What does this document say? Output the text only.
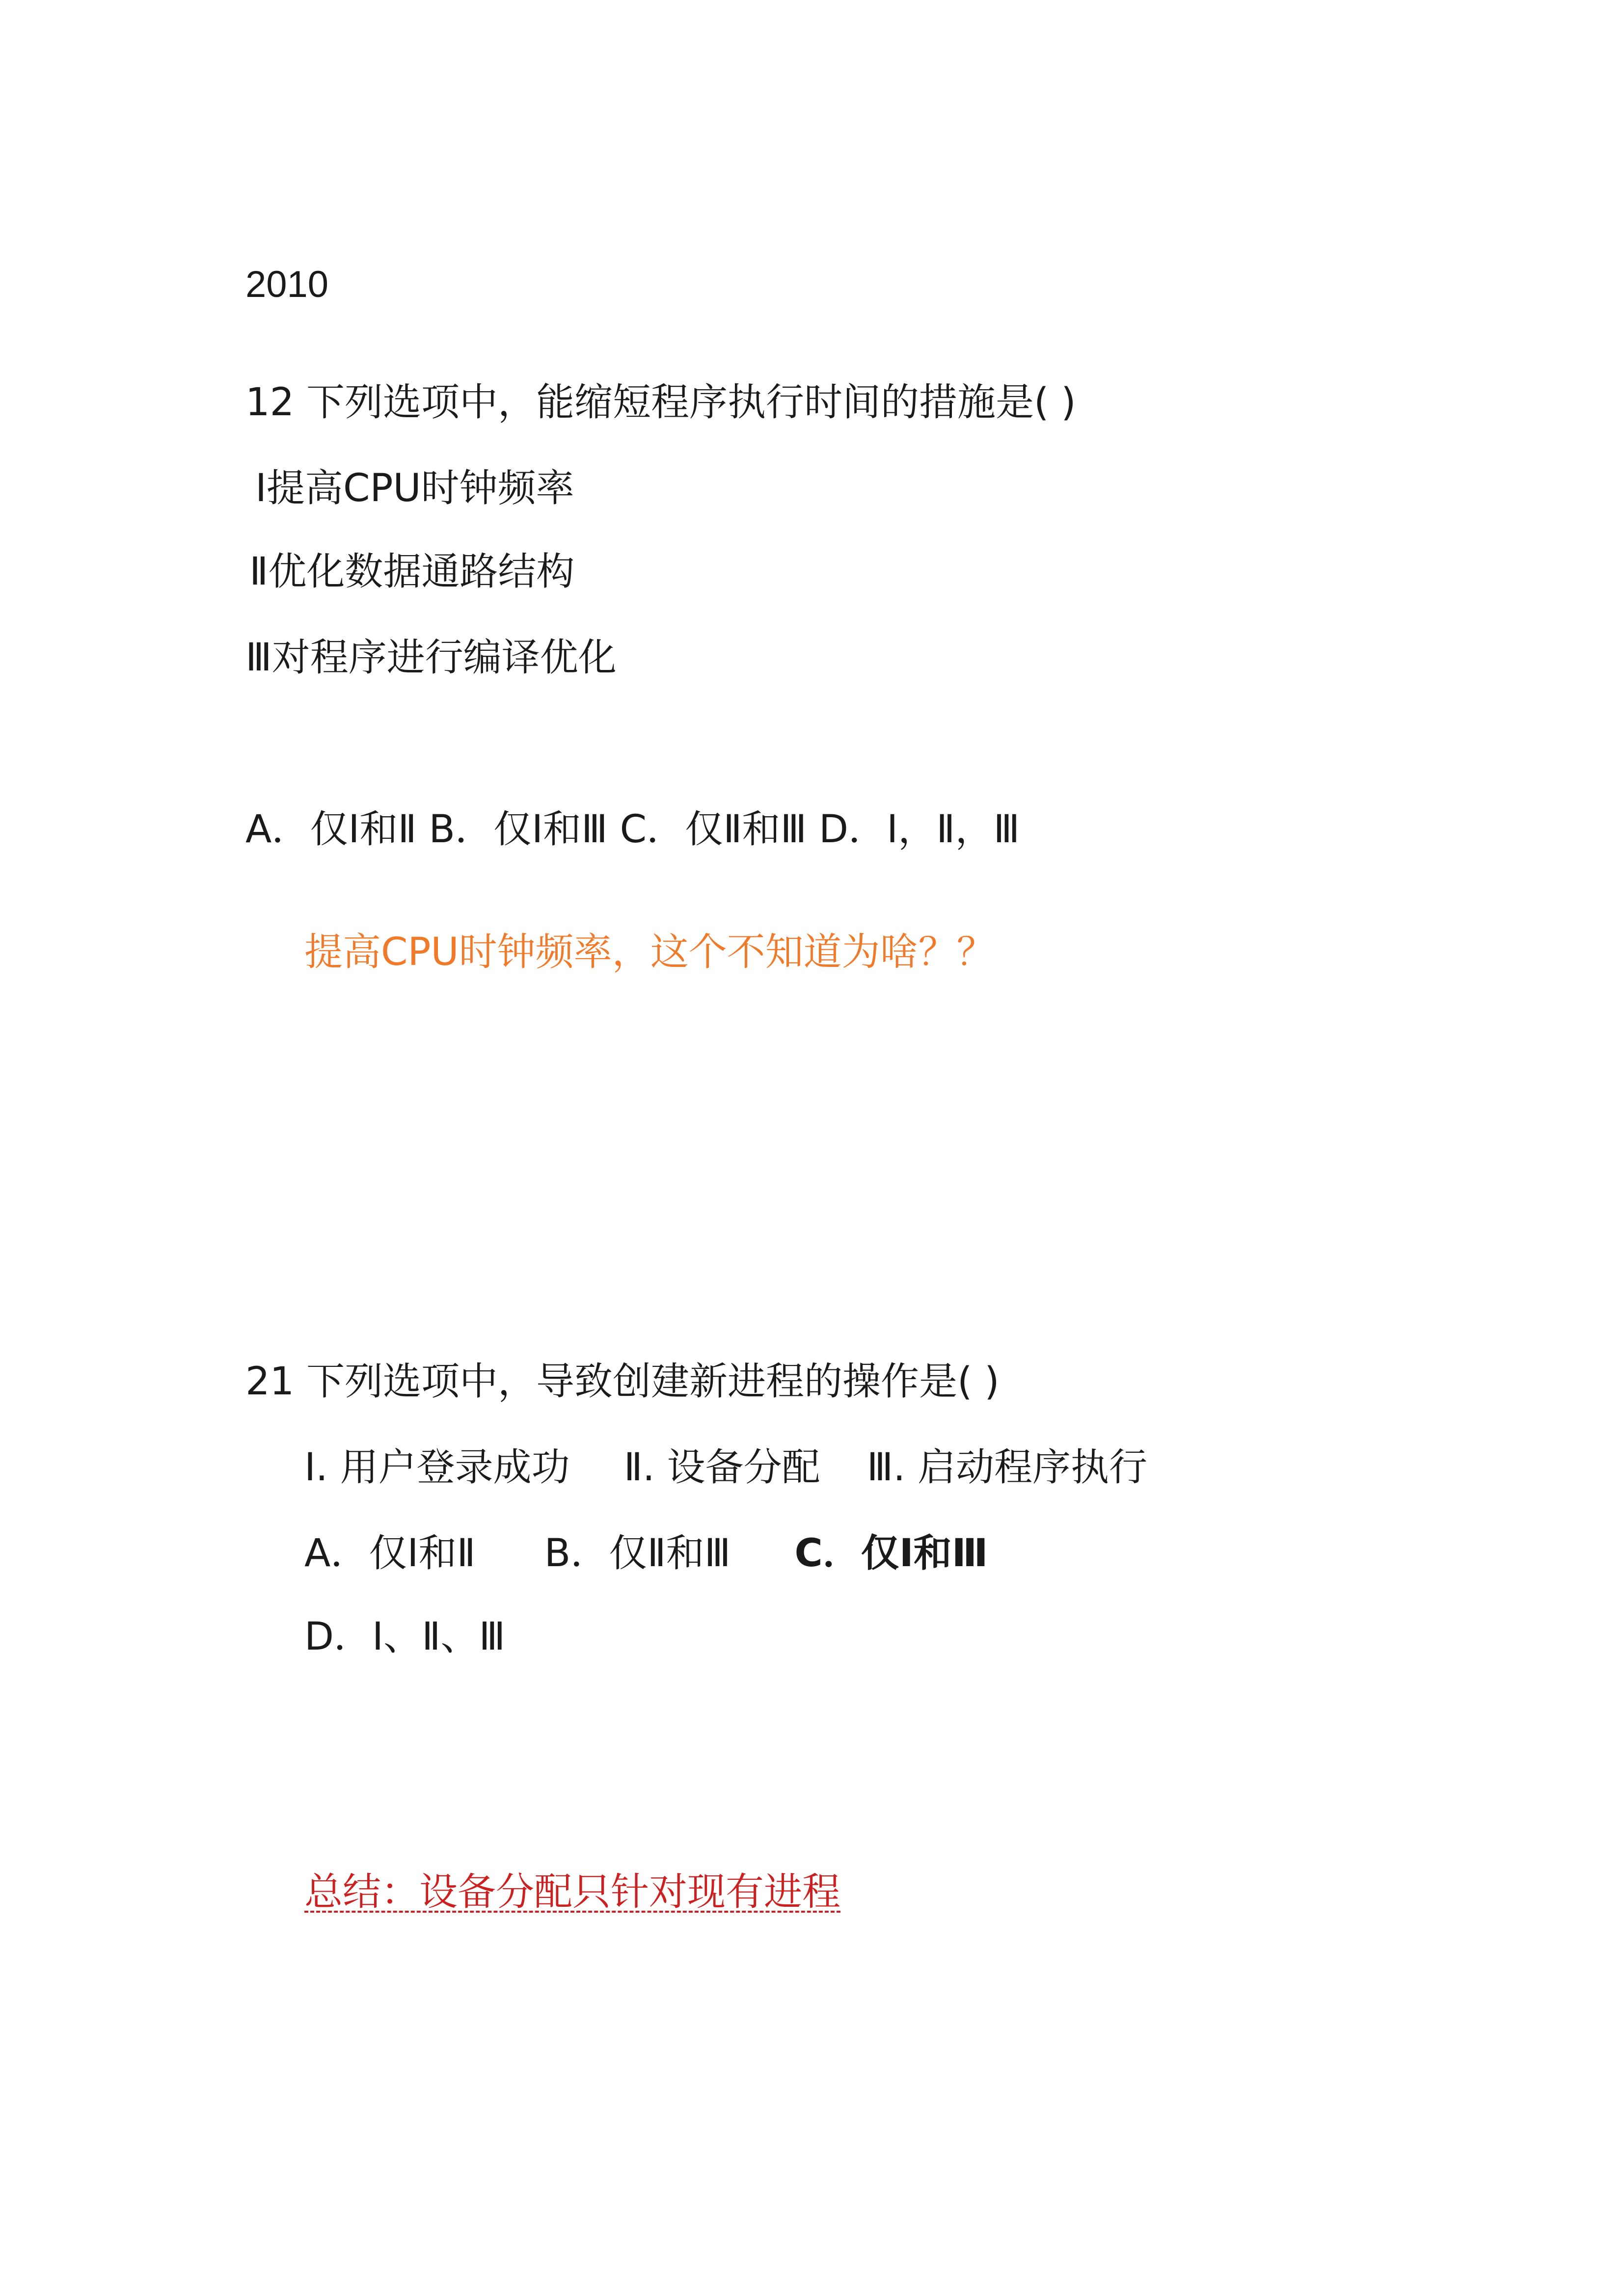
2010
12 下列选项中，能缩短程序执行时间的措施是( )
Ⅰ提高CPU时钟频率
Ⅱ优化数据通路结构
Ⅲ对程序进行编译优化
A．仅Ⅰ和Ⅱ B．仅Ⅰ和Ⅲ C．仅Ⅱ和Ⅲ D．Ⅰ，Ⅱ，Ⅲ
提高CPU时钟频率，这个不知道为啥？？
21 下列选项中，导致创建新进程的操作是( )
I. 用户登录成功 Ⅱ. 设备分配 Ⅲ. 启动程序执行
A．仅Ⅰ和Ⅱ B．仅Ⅱ和Ⅲ C．仅Ⅰ和Ⅲ
D．Ⅰ、Ⅱ、Ⅲ
总结：设备分配只针对现有进程
